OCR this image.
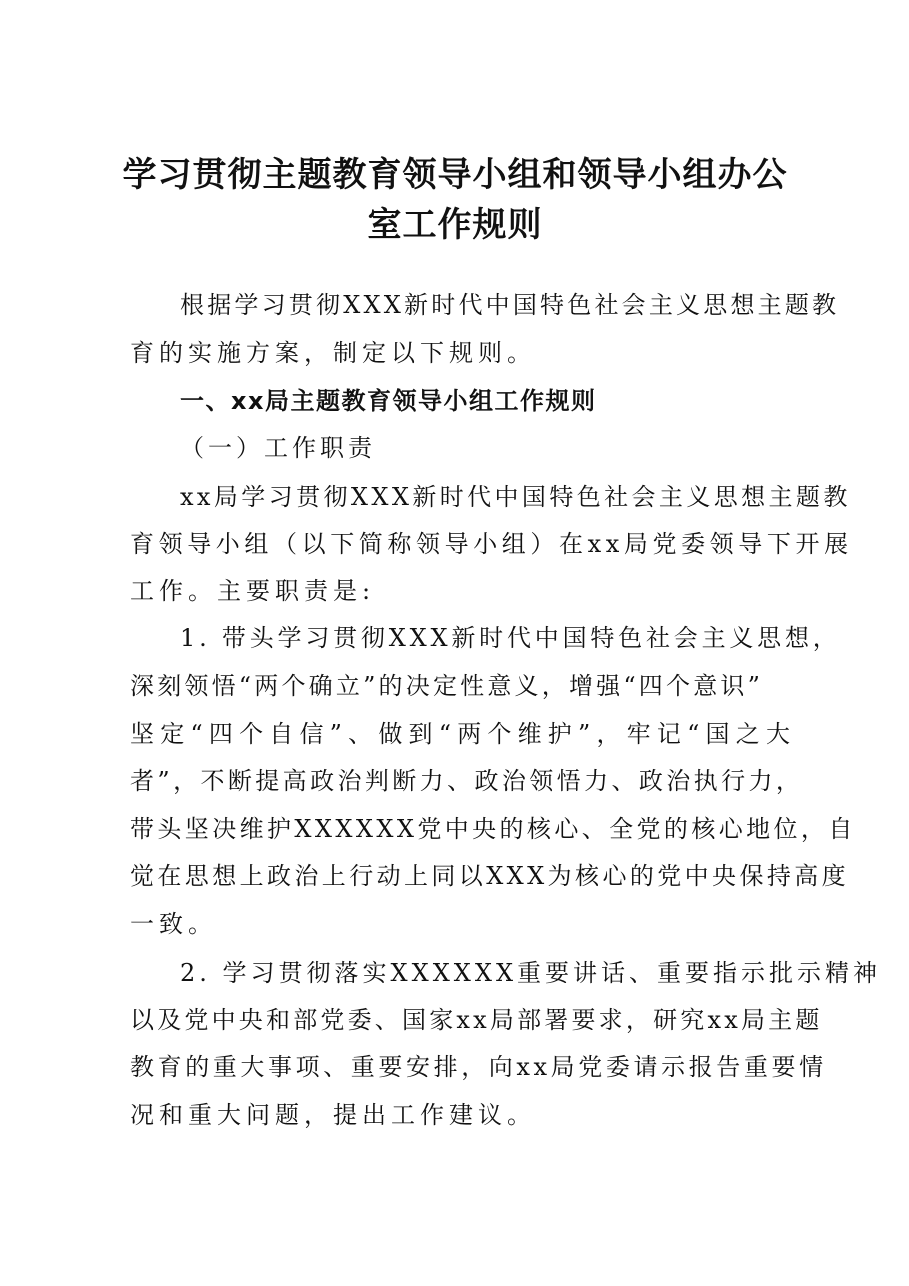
学习贯彻主题教育领导小组和领导小组办公
室工作规则

根据学习贯彻XXX新时代中国特色社会主义思想主题教

育的实施方案，制定以下规则。

一、xx局主题教育领导小组工作规则

（一）工作职责

xx局学习贯彻XXX新时代中国特色社会主义思想主题教

育领导小组（以下简称领导小组）在xx局党委领导下开展

工作。主要职责是:

1. 带头学习贯彻XXX新时代中国特色社会主义思想，

深刻领悟“两个确立”的决定性意义，增强“四个意识”

坚定“四个自信”、做到“两个维护”，牢记“国之大

者”，不断提高政治判断力、政治领悟力、政治执行力，

带头坚决维护XXXXXX党中央的核心、全党的核心地位，自

觉在思想上政治上行动上同以XXX为核心的党中央保持高度

一致。

2. 学习贯彻落实XXXXXX重要讲话、重要指示批示精神

以及党中央和部党委、国家xx局部署要求，研究xx局主题

教育的重大事项、重要安排，向xx局党委请示报告重要情

况和重大问题，提出工作建议。
